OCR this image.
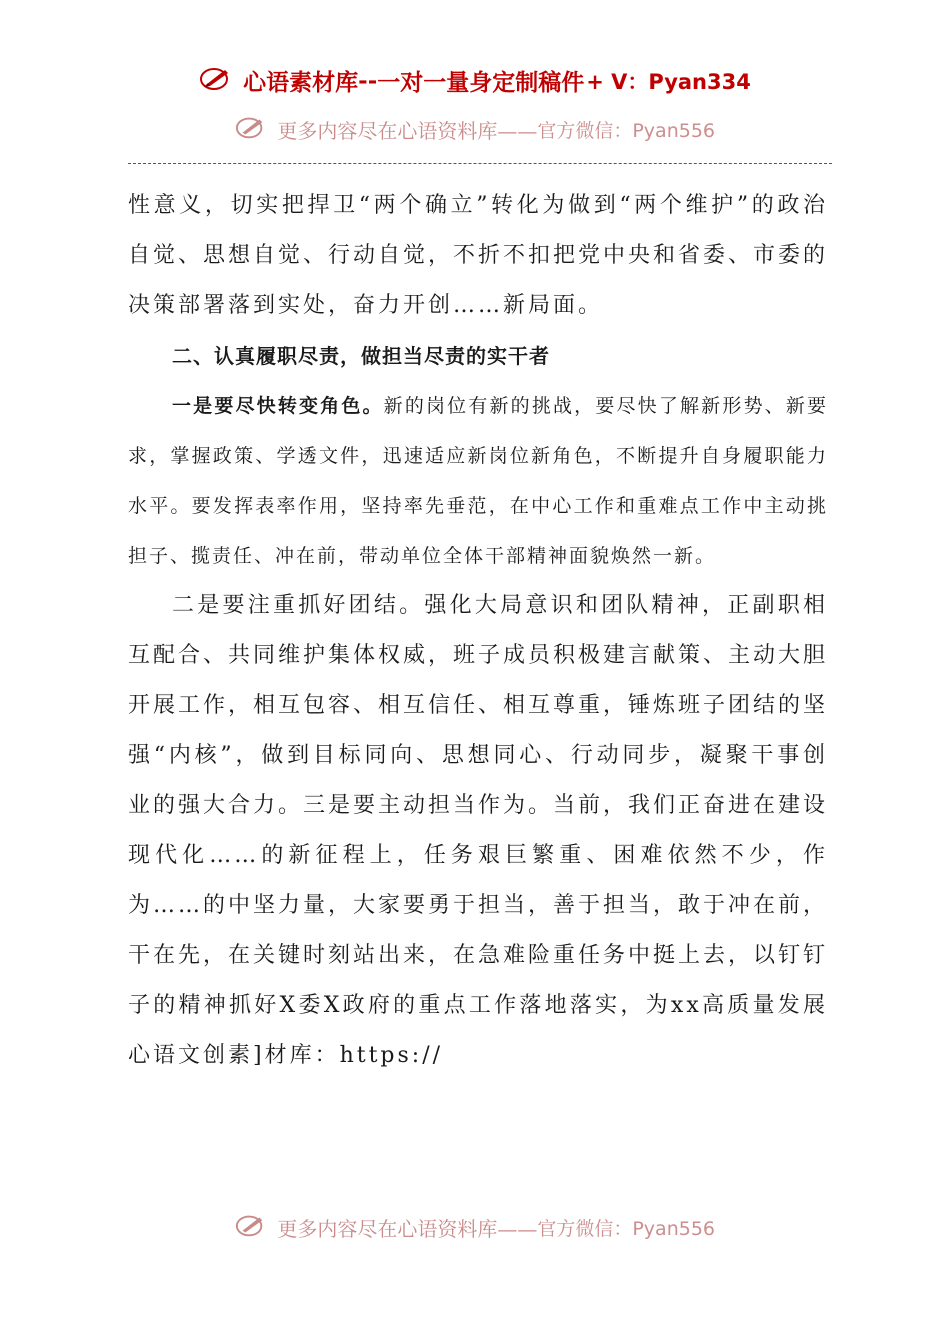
心语素材库--一对一量身定制稿件+ V：Pyan334
更多内容尽在心语资料库——官方微信：Pyan556

性意义，切实把捍卫“两个确立”转化为做到“两个维护”的政治自觉、思想自觉、行动自觉，不折不扣把党中央和省委、市委的决策部署落到实处，奋力开创……新局面。

二、认真履职尽责，做担当尽责的实干者

一是要尽快转变角色。新的岗位有新的挑战，要尽快了解新形势、新要求，掌握政策、学透文件，迅速适应新岗位新角色，不断提升自身履职能力水平。要发挥表率作用，坚持率先垂范，在中心工作和重难点工作中主动挑担子、揽责任、冲在前，带动单位全体干部精神面貌焕然一新。

二是要注重抓好团结。强化大局意识和团队精神，正副职相互配合、共同维护集体权威，班子成员积极建言献策、主动大胆开展工作，相互包容、相互信任、相互尊重，锤炼班子团结的坚强“内核”，做到目标同向、思想同心、行动同步，凝聚干事创业的强大合力。三是要主动担当作为。当前，我们正奋进在建设现代化……的新征程上，任务艰巨繁重、困难依然不少，作为……的中坚力量，大家要勇于担当，善于担当，敢于冲在前，干在先，在关键时刻站出来，在急难险重任务中挺上去，以钉钉子的精神抓好X委X政府的重点工作落地落实，为xx高质量发展心语文创素]材库：https://

更多内容尽在心语资料库——官方微信：Pyan556
